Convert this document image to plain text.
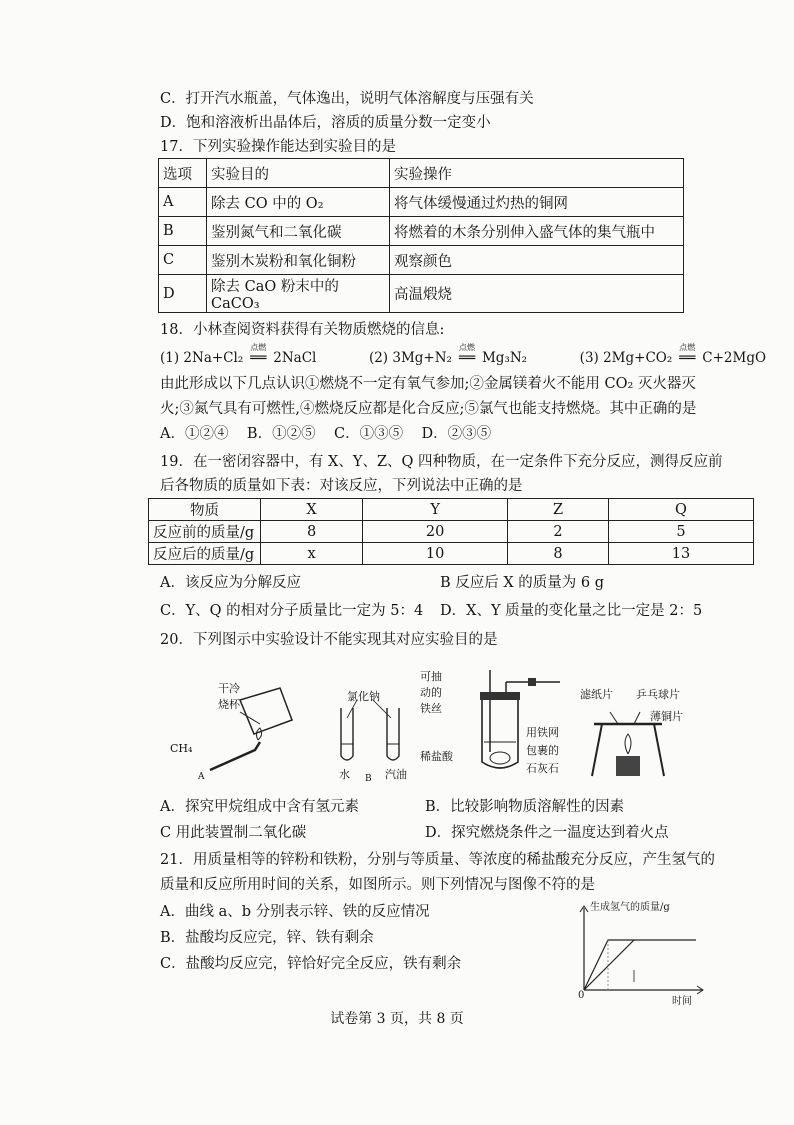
C．打开汽水瓶盖，气体逸出，说明气体溶解度与压强有关
D．饱和溶液析出晶体后，溶质的质量分数一定变小
17．下列实验操作能达到实验目的是
选项	实验目的	实验操作
A	除去 CO 中的 O₂	将气体缓慢通过灼热的铜网
B	鉴别氮气和二氧化碳	将燃着的木条分别伸入盛气体的集气瓶中
C	鉴别木炭粉和氧化铜粉	观察颜色
D	除去 CaO 粉末中的 CaCO₃	高温煅烧
18．小林查阅资料获得有关物质燃烧的信息:
(1) 2Na+Cl₂
点燃
══ 2NaCl	(2) 3Mg+N₂
点燃
══ Mg₃N₂	(3) 2Mg+CO₂
点燃
══ C+2MgO
由此形成以下几点认识①燃烧不一定有氧气参加;②金属镁着火不能用 CO₂ 灭火器灭
火;③氮气具有可燃性,④燃烧反应都是化合反应;⑤氯气也能支持燃烧。其中正确的是
A．①②④    B．①②⑤    C．①③⑤    D．②③⑤
19．在一密闭容器中，有 X、Y、Z、Q 四种物质，在一定条件下充分反应，测得反应前
后各物质的质量如下表：对该反应，下列说法中正确的是
物质	X	Y	Z	Q
反应前的质量/g	8	20	2	5
反应后的质量/g	x	10	8	13
A．该反应为分解反应	B 反应后 X 的质量为 6 g
C．Y、Q 的相对分子质量比一定为 5：4 D．X、Y 质量的变化量之比一定是 2：5
20．下列图示中实验设计不能实现其对应实验目的是
干冷
烧杯
CH₄
A
氯化钠
水	汽油
B
可抽
动的
铁丝
稀盐酸
用铁网
包裹的
石灰石
滤纸片 乒乓球片
薄铜片
A．探究甲烷组成中含有氢元素	B．比较影响物质溶解性的因素
C 用此装置制二氧化碳	D．探究燃烧条件之一温度达到着火点
21．用质量相等的锌粉和铁粉，分别与等质量、等浓度的稀盐酸充分反应，产生氢气的
质量和反应所用时间的关系，如图所示。则下列情况与图像不符的是
A．曲线 a、b 分别表示锌、铁的反应情况
B．盐酸均反应完，锌、铁有剩余
C．盐酸均反应完，锌恰好完全反应，铁有剩余
生成氢气的质量/g
时间
0
试卷第 3 页，共 8 页
